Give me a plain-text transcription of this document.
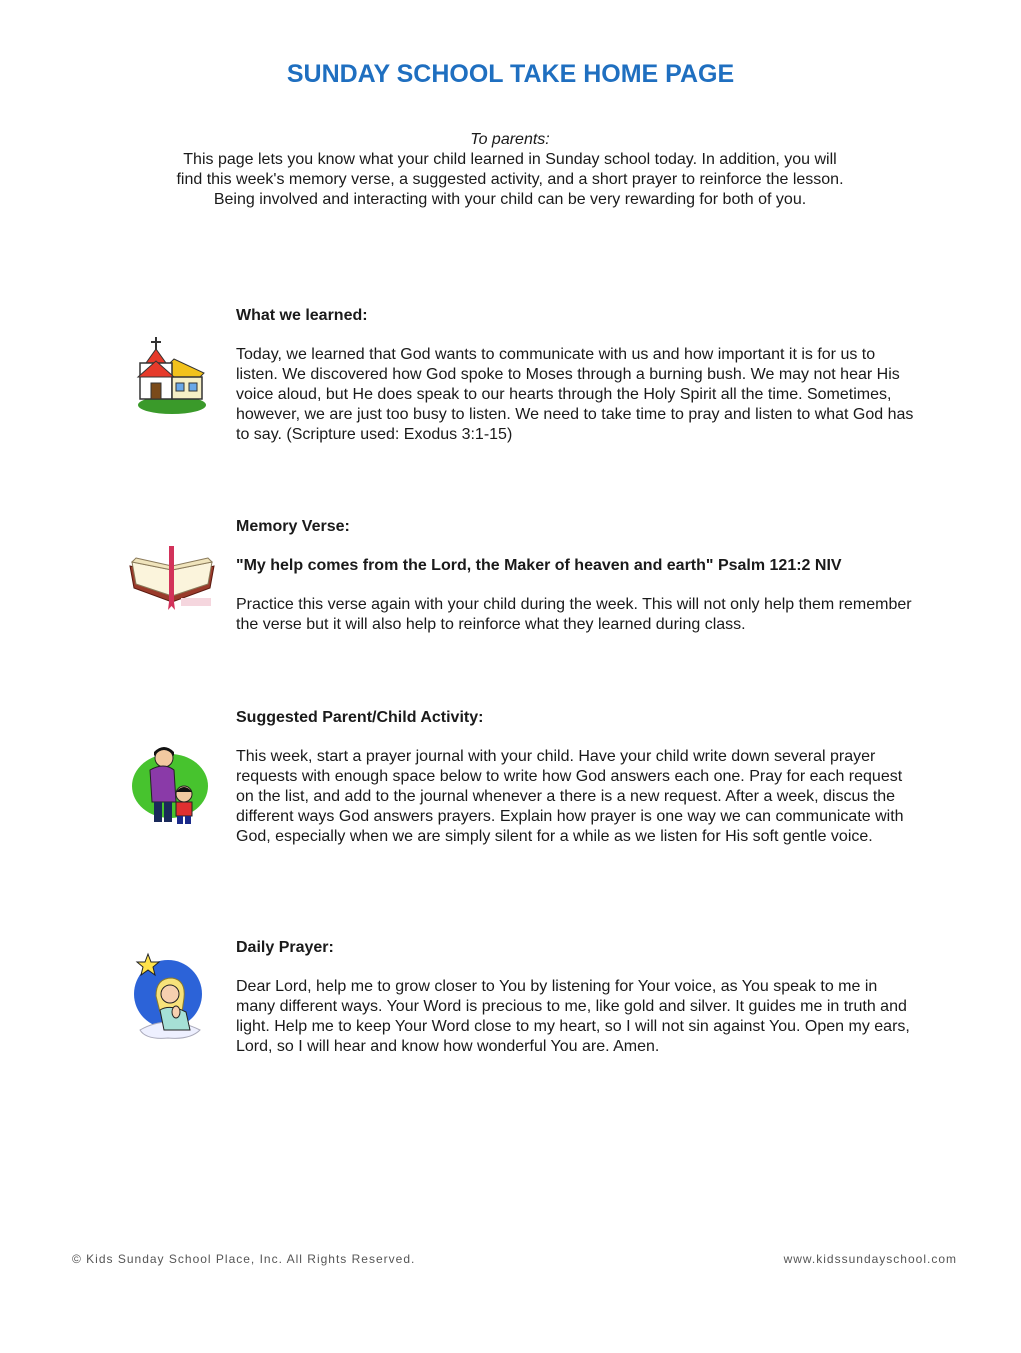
SUNDAY SCHOOL TAKE HOME PAGE
To parents:
This page lets you know what your child learned in Sunday school today. In addition, you will
find this week's memory verse, a suggested activity, and a short prayer to reinforce the lesson.
Being involved and interacting with your child can be very rewarding for both of you.
What we learned:

Today, we learned that God wants to communicate with us and how important it is for us to listen. We discovered how God spoke to Moses through a burning bush. We may not hear His voice aloud, but He does speak to our hearts through the Holy Spirit all the time. Sometimes, however, we are just too busy to listen. We need to take time to pray and listen to what God has to say. (Scripture used: Exodus 3:1-15)

Memory Verse:

"My help comes from the Lord, the Maker of heaven and earth" Psalm 121:2 NIV

Practice this verse again with your child during the week. This will not only help them remember the verse but it will also help to reinforce what they learned during class.

Suggested Parent/Child Activity:

This week, start a prayer journal with your child. Have your child write down several prayer requests with enough space below to write how God answers each one. Pray for each request on the list, and add to the journal whenever a there is a new request. After a week, discus the different ways God answers prayers. Explain how prayer is one way we can communicate with God, especially when we are simply silent for a while as we listen for His soft gentle voice.

Daily Prayer:

Dear Lord, help me to grow closer to You by listening for Your voice, as You speak to me in many different ways. Your Word is precious to me, like gold and silver. It guides me in truth and light. Help me to keep Your Word close to my heart, so I will not sin against You. Open my ears, Lord, so I will hear and know how wonderful You are. Amen.

© Kids Sunday School Place, Inc. All Rights Reserved.	www.kidssundayschool.com
